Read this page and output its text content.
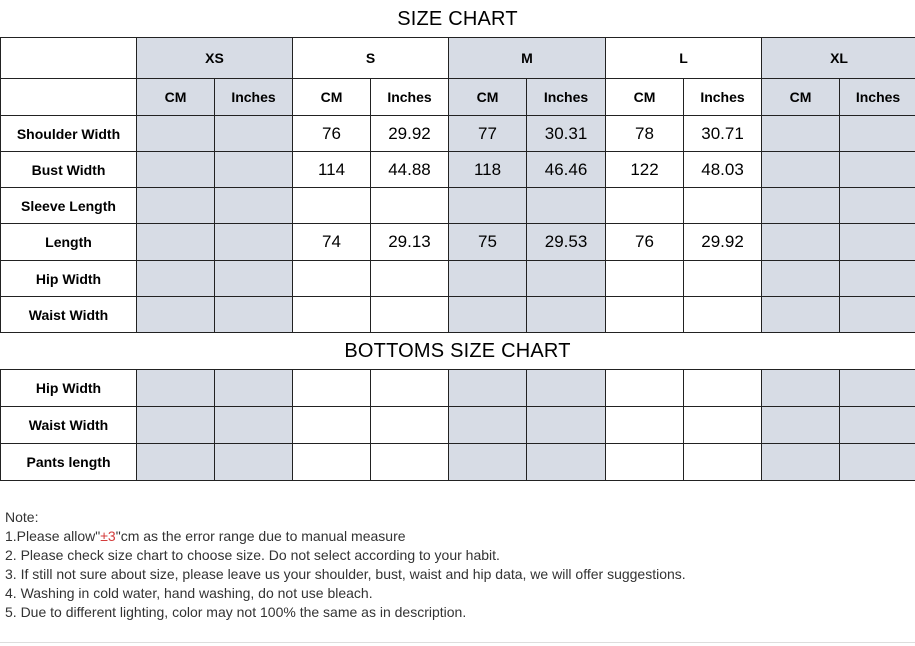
SIZE CHART
	XS		S		M		L		XL	
	CM	Inches	CM	Inches	CM	Inches	CM	Inches	CM	Inches
Shoulder Width			76	29.92	77	30.31	78	30.71		
Bust Width			114	44.88	118	46.46	122	48.03		
Sleeve Length										
Length			74	29.13	75	29.53	76	29.92		
Hip Width										
Waist Width										
BOTTOMS SIZE CHART
Hip Width										
Waist Width										
Pants length										
Note:
1.Please allow"±3"cm as the error range due to manual measure
2. Please check size chart to choose size. Do not select according to your habit.
3. If still not sure about size, please leave us your shoulder, bust, waist and hip data, we will offer suggestions.
4. Washing in cold water, hand washing, do not use bleach.
5. Due to different lighting, color may not 100% the same as in description.
